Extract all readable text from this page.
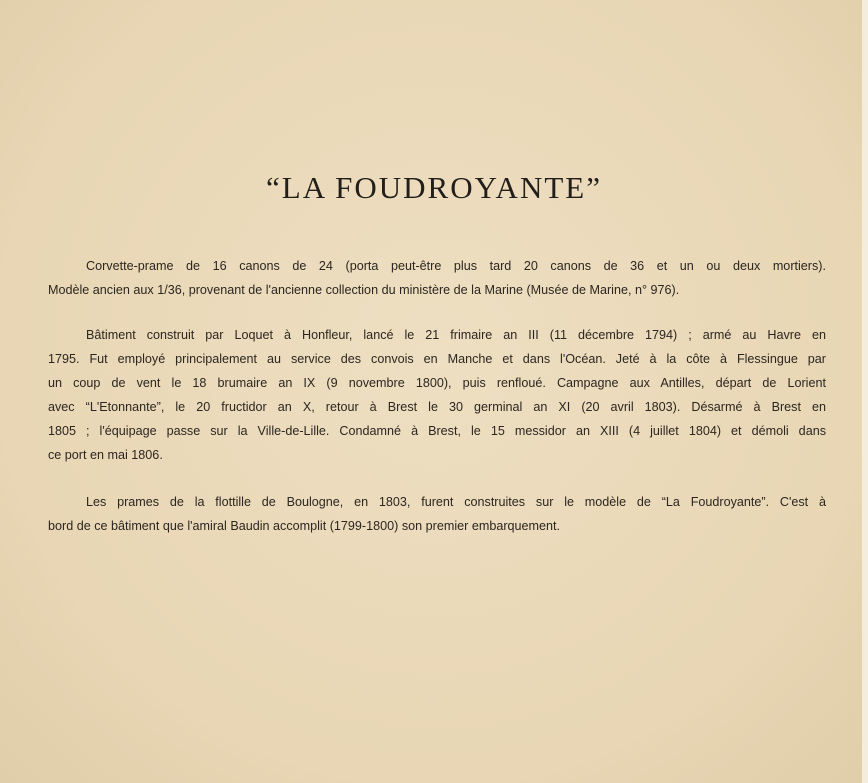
“LA FOUDROYANTE”
Corvette-prame de 16 canons de 24 (porta peut-être plus tard 20 canons de 36 et un ou deux mortiers).
Modèle ancien aux 1/36, provenant de l'ancienne collection du ministère de la Marine (Musée de Marine, n° 976).
Bâtiment construit par Loquet à Honfleur, lancé le 21 frimaire an III (11 décembre 1794) ; armé au Havre en
1795. Fut employé principalement au service des convois en Manche et dans l'Océan. Jeté à la côte à Flessingue par
un coup de vent le 18 brumaire an IX (9 novembre 1800), puis renfloué. Campagne aux Antilles, départ de Lorient
avec “L'Etonnante”, le 20 fructidor an X, retour à Brest le 30 germinal an XI (20 avril 1803). Désarmé à Brest en
1805 ; l'équipage passe sur la Ville-de-Lille. Condamné à Brest, le 15 messidor an XIII (4 juillet 1804) et démoli dans
ce port en mai 1806.
Les prames de la flottille de Boulogne, en 1803, furent construites sur le modèle de “La Foudroyante”. C'est à
bord de ce bâtiment que l'amiral Baudin accomplit (1799-1800) son premier embarquement.
